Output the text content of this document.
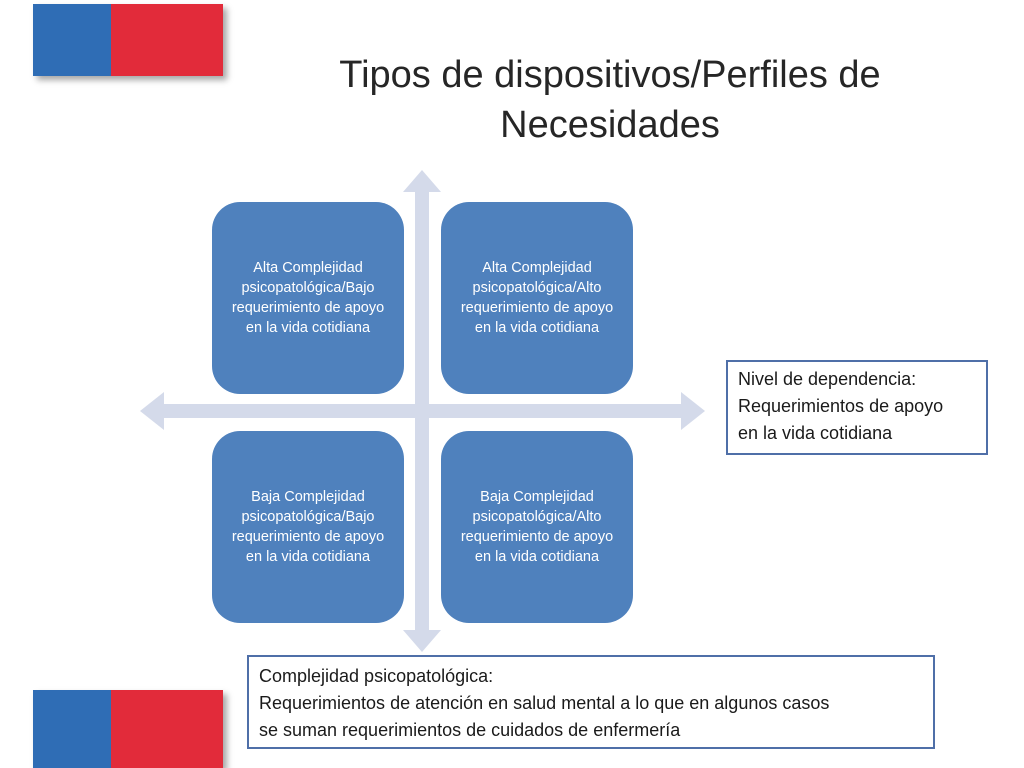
Tipos de dispositivos/Perfiles de
Necesidades
Alta Complejidad psicopatológica/Bajo requerimiento de apoyo en la vida cotidiana
Alta Complejidad psicopatológica/Alto requerimiento de apoyo en la vida cotidiana
Baja Complejidad psicopatológica/Bajo requerimiento de apoyo en la vida cotidiana
Baja Complejidad psicopatológica/Alto requerimiento de apoyo en la vida cotidiana
Nivel de dependencia:
Requerimientos de apoyo
en la vida cotidiana
Complejidad psicopatológica:
Requerimientos de atención en salud mental a lo que en algunos casos
se suman requerimientos de cuidados de enfermería
